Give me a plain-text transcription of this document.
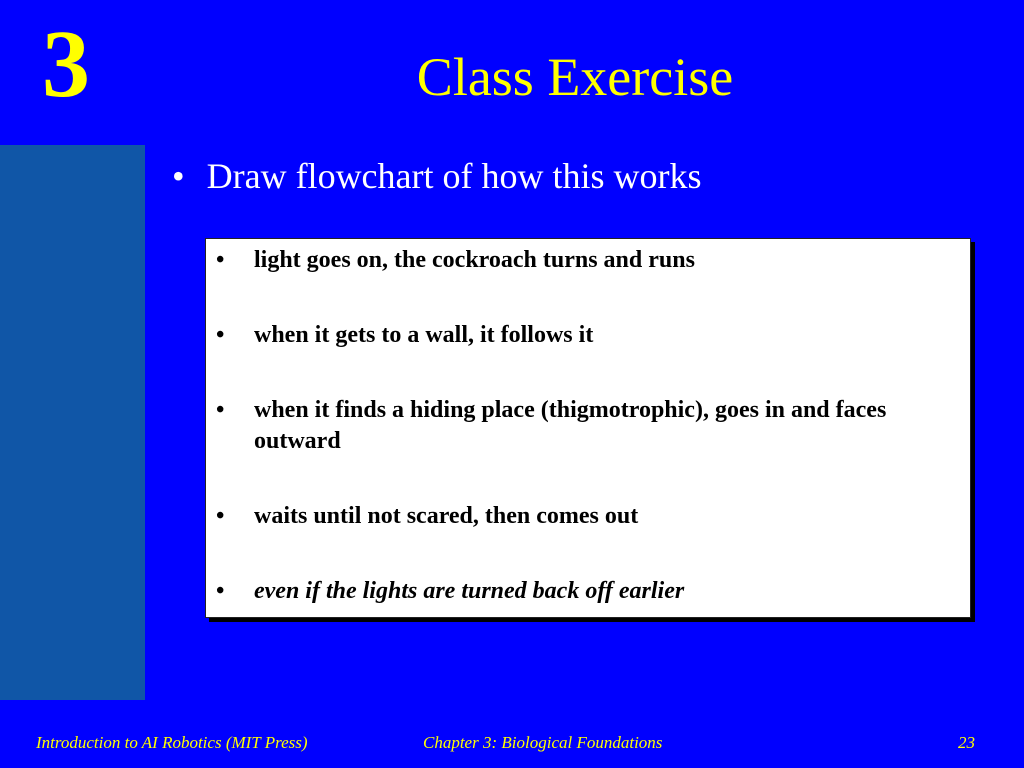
3	Class Exercise
• Draw flowchart of how this works
•	light goes on, the cockroach turns and runs
•	when it gets to a wall, it follows it
•	when it finds a hiding place (thigmotrophic), goes in and faces outward
•	waits until not scared, then comes out
•	even if the lights are turned back off earlier
Introduction to AI Robotics (MIT Press)	Chapter 3: Biological Foundations	23
